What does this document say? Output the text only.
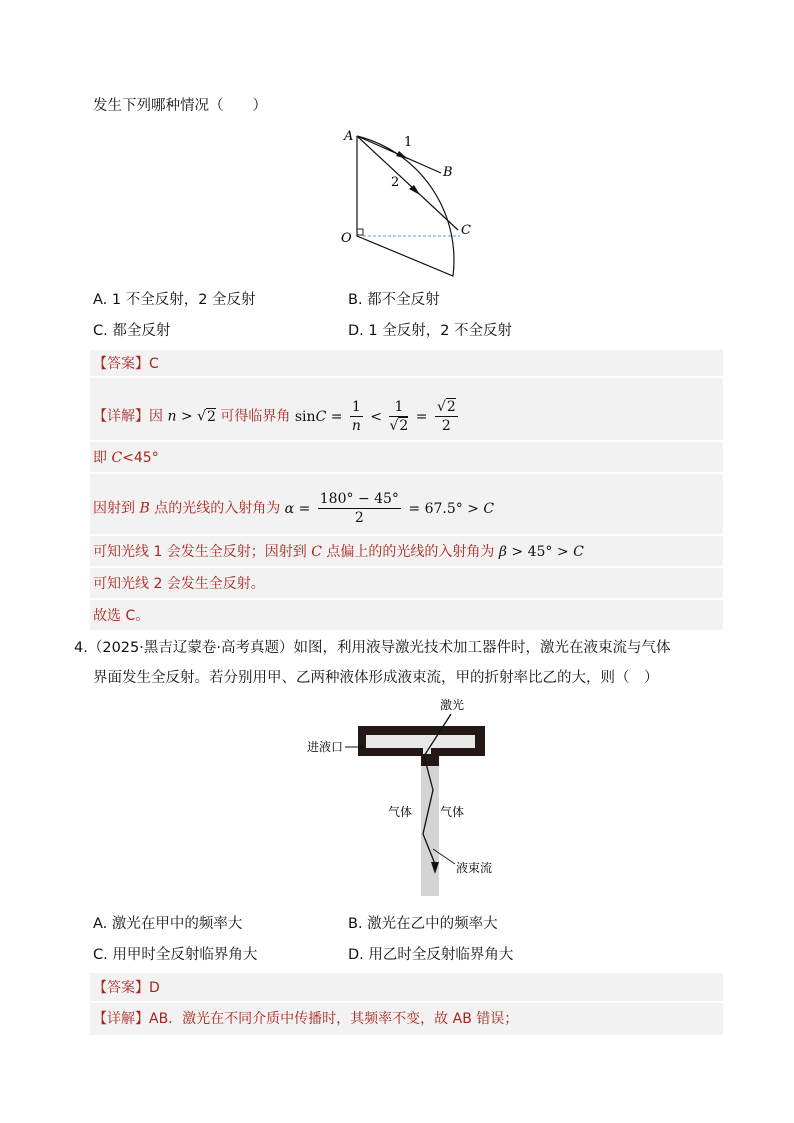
发生下列哪种情况（　　）
A	1
2
B
C
O
A. 1 不全反射，2 全反射	B. 都不全反射
C. 都全反射	D. 1 全反射，2 不全反射
【答案】C
【详解】因 n > √2 可得临界角 $\sin C = \frac{1}{n} < \frac{1}{√2} = \frac{√2}{2}$
即 C<45°
因射到 B 点的光线的入射角为 $\alpha = \frac{180^\circ - 45^\circ}{2} = 67.5^\circ > C$
可知光线 1 会发生全反射；因射到 C 点偏上的的光线的入射角为 β > 45° > C
可知光线 2 会发生全反射。
故选 C。
4.（2025·黑吉辽蒙卷·高考真题）如图，利用液导激光技术加工器件时，激光在液束流与气体
界面发生全反射。若分别用甲、乙两种液体形成液束流，甲的折射率比乙的大，则（　）
激光
进液口
气体 气体
液束流
A. 激光在甲中的频率大	B. 激光在乙中的频率大
C. 用甲时全反射临界角大	D. 用乙时全反射临界角大
【答案】D
【详解】AB．激光在不同介质中传播时，其频率不变，故 AB 错误；
